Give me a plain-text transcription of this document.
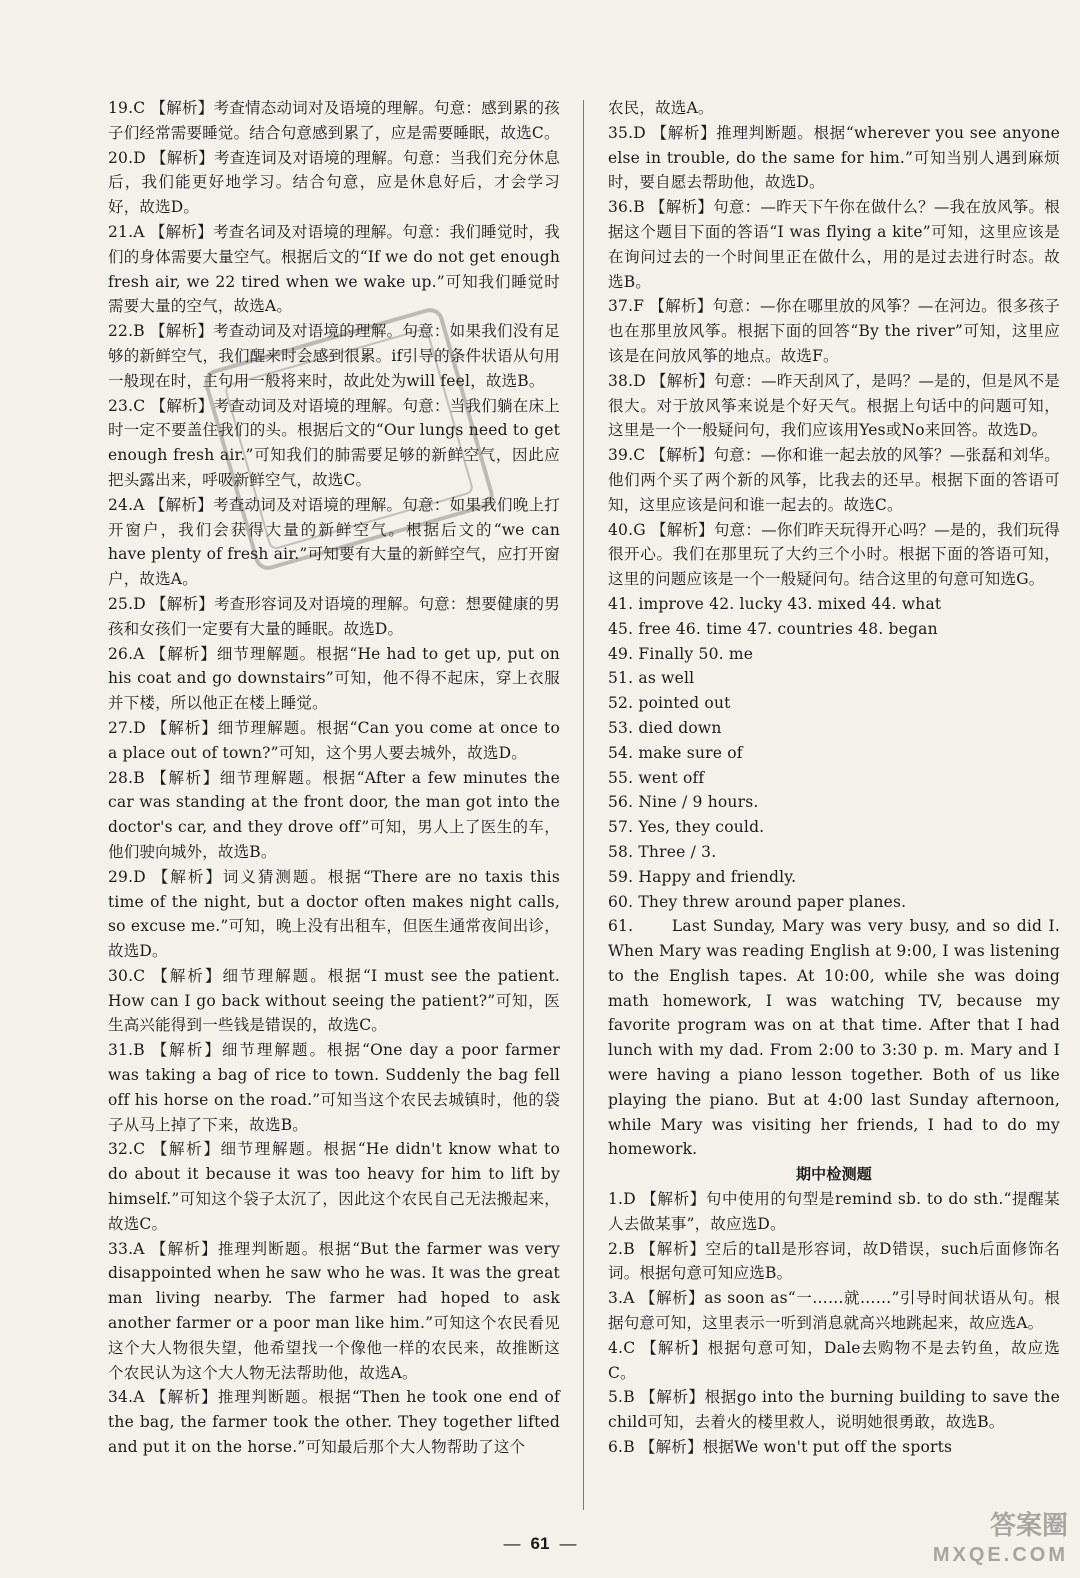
19.C 【解析】考查情态动词对及语境的理解。句意：感到累的孩子们经常需要睡觉。结合句意感到累了，应是需要睡眠，故选C。

20.D 【解析】考查连词及对语境的理解。句意：当我们充分休息后，我们能更好地学习。结合句意，应是休息好后，才会学习好，故选D。

21.A 【解析】考查名词及对语境的理解。句意：我们睡觉时，我们的身体需要大量空气。根据后文的“If we do not get enough fresh air, we 22 tired when we wake up.”可知我们睡觉时需要大量的空气，故选A。

22.B 【解析】考查动词及对语境的理解。句意：如果我们没有足够的新鲜空气，我们醒来时会感到很累。if引导的条件状语从句用一般现在时，主句用一般将来时，故此处为will feel，故选B。

23.C 【解析】考查动词及对语境的理解。句意：当我们躺在床上时一定不要盖住我们的头。根据后文的“Our lungs need to get enough fresh air.”可知我们的肺需要足够的新鲜空气，因此应把头露出来，呼吸新鲜空气，故选C。

24.A 【解析】考查动词及对语境的理解。句意：如果我们晚上打开窗户，我们会获得大量的新鲜空气。根据后文的“we can have plenty of fresh air.”可知要有大量的新鲜空气，应打开窗户，故选A。

25.D 【解析】考查形容词及对语境的理解。句意：想要健康的男孩和女孩们一定要有大量的睡眠。故选D。

26.A 【解析】细节理解题。根据“He had to get up, put on his coat and go downstairs”可知，他不得不起床，穿上衣服并下楼，所以他正在楼上睡觉。

27.D 【解析】细节理解题。根据“Can you come at once to a place out of town?”可知，这个男人要去城外，故选D。

28.B 【解析】细节理解题。根据“After a few minutes the car was standing at the front door, the man got into the doctor's car, and they drove off”可知，男人上了医生的车，他们驶向城外，故选B。

29.D 【解析】词义猜测题。根据“There are no taxis this time of the night, but a doctor often makes night calls, so excuse me.”可知，晚上没有出租车，但医生通常夜间出诊，故选D。

30.C 【解析】细节理解题。根据“I must see the patient. How can I go back without seeing the patient?”可知，医生高兴能得到一些钱是错误的，故选C。

31.B 【解析】细节理解题。根据“One day a poor farmer was taking a bag of rice to town. Suddenly the bag fell off his horse on the road.”可知当这个农民去城镇时，他的袋子从马上掉了下来，故选B。

32.C 【解析】细节理解题。根据“He didn't know what to do about it because it was too heavy for him to lift by himself.”可知这个袋子太沉了，因此这个农民自己无法搬起来，故选C。

33.A 【解析】推理判断题。根据“But the farmer was very disappointed when he saw who he was. It was the great man living nearby. The farmer had hoped to ask another farmer or a poor man like him.”可知这个农民看见这个大人物很失望，他希望找一个像他一样的农民来，故推断这个农民认为这个大人物无法帮助他，故选A。

34.A 【解析】推理判断题。根据“Then he took one end of the bag, the farmer took the other. They together lifted and put it on the horse.”可知最后那个大人物帮助了这个

农民，故选A。

35.D 【解析】推理判断题。根据“wherever you see anyone else in trouble, do the same for him.”可知当别人遇到麻烦时，要自愿去帮助他，故选D。

36.B 【解析】句意：—昨天下午你在做什么？—我在放风筝。根据这个题目下面的答语“I was flying a kite”可知，这里应该是在询问过去的一个时间里正在做什么，用的是过去进行时态。故选B。

37.F 【解析】句意：—你在哪里放的风筝？—在河边。很多孩子也在那里放风筝。根据下面的回答“By the river”可知，这里应该是在问放风筝的地点。故选F。

38.D 【解析】句意：—昨天刮风了，是吗？—是的，但是风不是很大。对于放风筝来说是个好天气。根据上句话中的问题可知，这里是一个一般疑问句，我们应该用Yes或No来回答。故选D。

39.C 【解析】句意：—你和谁一起去放的风筝？—张磊和刘华。他们两个买了两个新的风筝，比我去的还早。根据下面的答语可知，这里应该是问和谁一起去的。故选C。

40.G 【解析】句意：—你们昨天玩得开心吗？—是的，我们玩得很开心。我们在那里玩了大约三个小时。根据下面的答语可知，这里的问题应该是一个一般疑问句。结合这里的句意可知选G。

41. improve 42. lucky 43. mixed 44. what

45. free 46. time 47. countries 48. began

49. Finally 50. me

51. as well

52. pointed out

53. died down

54. make sure of

55. went off

56. Nine / 9 hours.

57. Yes, they could.

58. Three / 3.

59. Happy and friendly.

60. They threw around paper planes.

61. Last Sunday, Mary was very busy, and so did I. When Mary was reading English at 9:00, I was listening to the English tapes. At 10:00, while she was doing math homework, I was watching TV, because my favorite program was on at that time. After that I had lunch with my dad. From 2:00 to 3:30 p. m. Mary and I were having a piano lesson together. Both of us like playing the piano. But at 4:00 last Sunday afternoon, while Mary was visiting her friends, I had to do my homework.

期中检测题

1.D 【解析】句中使用的句型是remind sb. to do sth.“提醒某人去做某事”，故应选D。

2.B 【解析】空后的tall是形容词，故D错误，such后面修饰名词。根据句意可知应选B。

3.A 【解析】as soon as“一……就……”引导时间状语从句。根据句意可知，这里表示一听到消息就高兴地跳起来，故应选A。

4.C 【解析】根据句意可知，Dale去购物不是去钓鱼，故应选C。

5.B 【解析】根据go into the burning building to save the child可知，去着火的楼里救人，说明她很勇敢，故选B。

6.B 【解析】根据We won't put off the sports

— 61 —
答案圈
MXQE.COM
